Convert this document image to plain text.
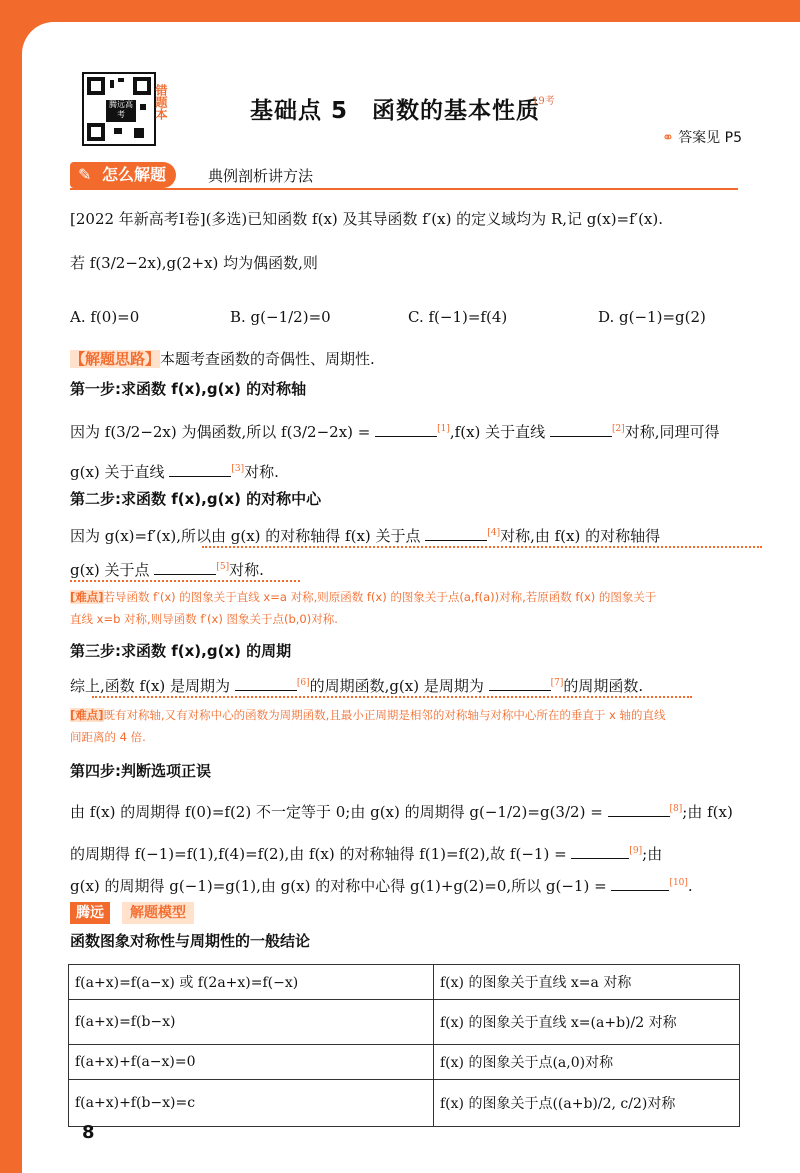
腾远高考	错题本	基础点 5　函数的基本性质
19考
⚭ 答案见 P5
✎ 怎么解题	典例剖析讲方法
[2022 年新高考Ⅰ卷](多选)已知函数 f(x) 及其导函数 f′(x) 的定义域均为 R,记 g(x)=f′(x).
若 f(3/2−2x),g(2+x) 均为偶函数,则
A. f(0)=0	B. g(−1/2)=0	C. f(−1)=f(4)	D. g(−1)=g(2)
【解题思路】本题考查函数的奇偶性、周期性.
第一步:求函数 f(x),g(x) 的对称轴
因为 f(3/2−2x) 为偶函数,所以 f(3/2−2x) =	[1],f(x) 关于直线	[2]对称,同理可得
g(x) 关于直线	[3]对称.
第二步:求函数 f(x),g(x) 的对称中心
因为 g(x)=f′(x),所以由 g(x) 的对称轴得 f(x) 关于点	[4]对称,由 f(x) 的对称轴得
g(x) 关于点	[5]对称.
[难点]若导函数 f′(x) 的图象关于直线 x=a 对称,则原函数 f(x) 的图象关于点(a,f(a))对称,若原函数 f(x) 的图象关于
直线 x=b 对称,则导函数 f′(x) 图象关于点(b,0)对称.
第三步:求函数 f(x),g(x) 的周期
综上,函数 f(x) 是周期为	[6]的周期函数,g(x) 是周期为	[7]的周期函数.
[难点]既有对称轴,又有对称中心的函数为周期函数,且最小正周期是相邻的对称轴与对称中心所在的垂直于 x 轴的直线
间距离的 4 倍.
第四步:判断选项正误
由 f(x) 的周期得 f(0)=f(2) 不一定等于 0;由 g(x) 的周期得 g(−1/2)=g(3/2) =	[8];由 f(x)
的周期得 f(−1)=f(1),f(4)=f(2),由 f(x) 的对称轴得 f(1)=f(2),故 f(−1) =	[9];由
g(x) 的周期得 g(−1)=g(1),由 g(x) 的对称中心得 g(1)+g(2)=0,所以 g(−1) =	[10].
腾远	解题模型
函数图象对称性与周期性的一般结论
f(a+x)=f(a−x) 或 f(2a+x)=f(−x)	f(x) 的图象关于直线 x=a 对称
f(a+x)=f(b−x)	f(x) 的图象关于直线 x=(a+b)/2 对称
f(a+x)+f(a−x)=0	f(x) 的图象关于点(a,0)对称
f(a+x)+f(b−x)=c	f(x) 的图象关于点((a+b)/2, c/2)对称
8
